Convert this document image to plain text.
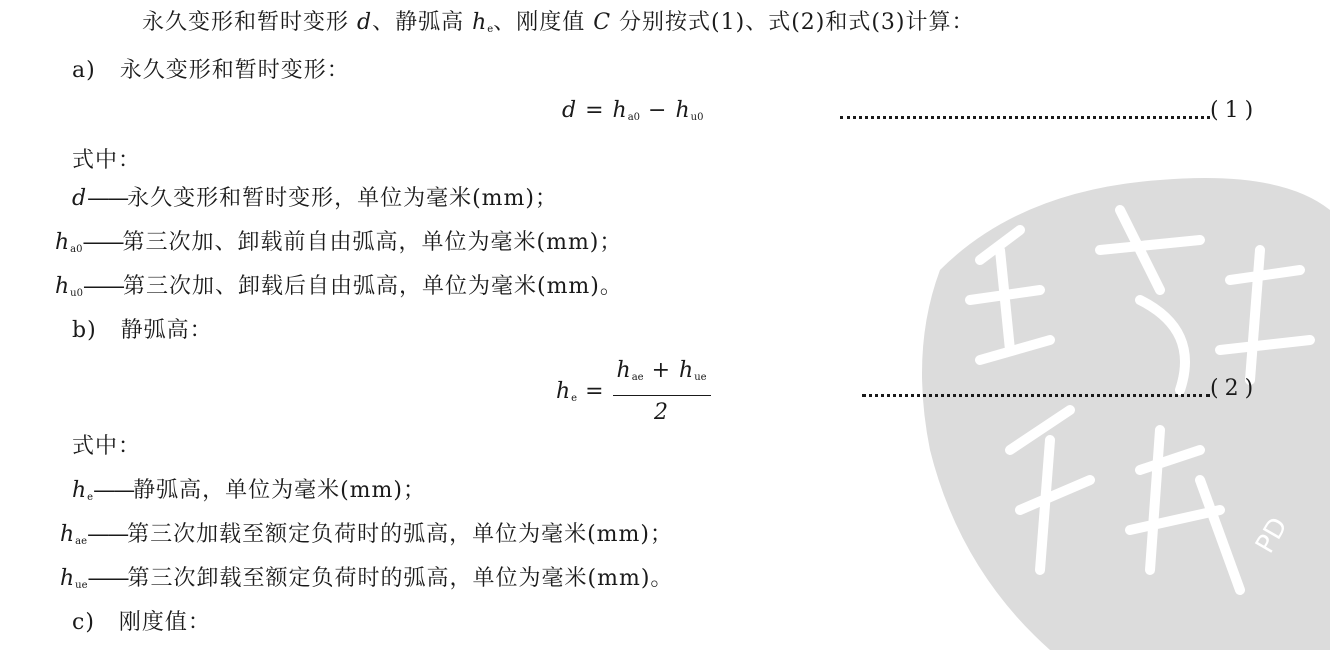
PD
永久变形和暂时变形 d、静弧高 $h_e$、刚度值 C 分别按式(1)、式(2)和式(3)计算：
a) 永久变形和暂时变形：
$d = h_{a0} - h_{u0}$	(1)
式中：
d——永久变形和暂时变形，单位为毫米(mm)；
$h_{a0}——$第三次加、卸载前自由弧高，单位为毫米(mm)；
$h_{u0}——$第三次加、卸载后自由弧高，单位为毫米(mm)。
b) 静弧高：
$h_e = \frac{h_{ae} + h_{ue}}{2}$	(2)
式中：
$h_e——$静弧高，单位为毫米(mm)；
$h_{ae}——$第三次加载至额定负荷时的弧高，单位为毫米(mm)；
$h_{ue}——$第三次卸载至额定负荷时的弧高，单位为毫米(mm)。
c) 刚度值：
